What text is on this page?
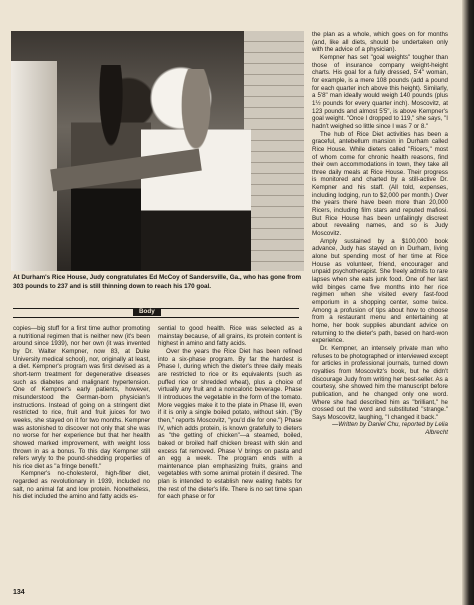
At Durham's Rice House, Judy congratulates Ed McCoy of Sandersville, Ga., who has gone from 303 pounds to 237 and is still thinning down to reach his 170 goal.

Body

copies—big stuff for a first time author promoting a nutritional regimen that is neither new (it's been around since 1939), nor her own (it was invented by Dr. Walter Kempner, now 83, at Duke University medical school), nor, originally at least, a diet. Kempner's program was first devised as a short-term treatment for degenerative diseases such as diabetes and malignant hypertension. One of Kempner's early patients, however, misunderstood the German-born physician's instructions. Instead of going on a stringent diet restricted to rice, fruit and fruit juices for two weeks, she stayed on it for two months. Kempner was astonished to discover not only that she was no worse for her experience but that her health showed marked improvement, with weight loss thrown in as a bonus. To this day Kempner still refers wryly to the pound-shedding properties of his rice diet as "a fringe benefit."

Kempner's no-cholesterol, high-fiber diet, regarded as revolutionary in 1939, included no salt, no animal fat and low protein. Nonetheless, his diet included the amino and fatty acids es-

sential to good health. Rice was selected as a mainstay because, of all grains, its protein content is highest in amino and fatty acids.

Over the years the Rice Diet has been refined into a six-phase program. By far the hardest is Phase I, during which the dieter's three daily meals are restricted to rice or its equivalents (such as puffed rice or shredded wheat), plus a choice of virtually any fruit and a noncaloric beverage. Phase II introduces the vegetable in the form of the tomato. More veggies make it to the plate in Phase III, even if it is only a single boiled potato, without skin. ("By then," reports Moscovitz, "you'd die for one.") Phase IV, which adds protein, is known gratefully to dieters as "the getting of chicken"—a steamed, boiled, baked or broiled half chicken breast with skin and excess fat removed. Phase V brings on pasta and an egg a week. The program ends with a maintenance plan emphasizing fruits, grains and vegetables with some animal protein if desired. The plan is intended to establish new eating habits for the rest of the dieter's life. There is no set time span for each phase or for

the plan as a whole, which goes on for months (and, like all diets, should be undertaken only with the advice of a physician).

Kempner has set "goal weights" tougher than those of insurance company weight-height charts. His goal for a fully dressed, 5'4" woman, for example, is a mere 108 pounds (add a pound for each quarter inch above this height). Similarly, a 5'8" man ideally would weigh 140 pounds (plus 1½ pounds for every quarter inch). Moscovitz, at 123 pounds and almost 5'5", is above Kempner's goal weight. "Once I dropped to 119," she says, "I hadn't weighed so little since I was 7 or 8."

The hub of Rice Diet activities has been a graceful, antebellum mansion in Durham called Rice House. While dieters called "Ricers," most of whom come for chronic health reasons, find their own accommodations in town, they take all three daily meals at Rice House. Their progress is monitored and charted by a still-active Dr. Kempner and his staff. (All told, expenses, including lodging, run to $2,000 per month.) Over the years there have been more than 20,000 Ricers, including film stars and reputed mafiosi. But Rice House has been unfailingly discreet about revealing names, and so is Judy Moscovitz.

Amply sustained by a $100,000 book advance, Judy has stayed on in Durham, living alone but spending most of her time at Rice House as volunteer, friend, encourager and unpaid psychotherapist. She freely admits to rare lapses when she eats junk food. One of her last wild binges came five months into her rice regimen when she visited every fast-food emporium in a shopping center, some twice. Among a profusion of tips about how to choose from a restaurant menu and entertaining at home, her book supplies abundant advice on returning to the dieter's path, based on hard-won experience.

Dr. Kempner, an intensely private man who refuses to be photographed or interviewed except for articles in professional journals, turned down royalties from Moscovitz's book, but he didn't discourage Judy from writing her best-seller. As a courtesy, she showed him the manuscript before publication, and he changed only one word. Where she had described him as "brilliant," he crossed out the word and substituted "strange." Says Moscovitz, laughing, "I changed it back."

—Written by Daniel Chu, reported by Lelia Albrecht

134
